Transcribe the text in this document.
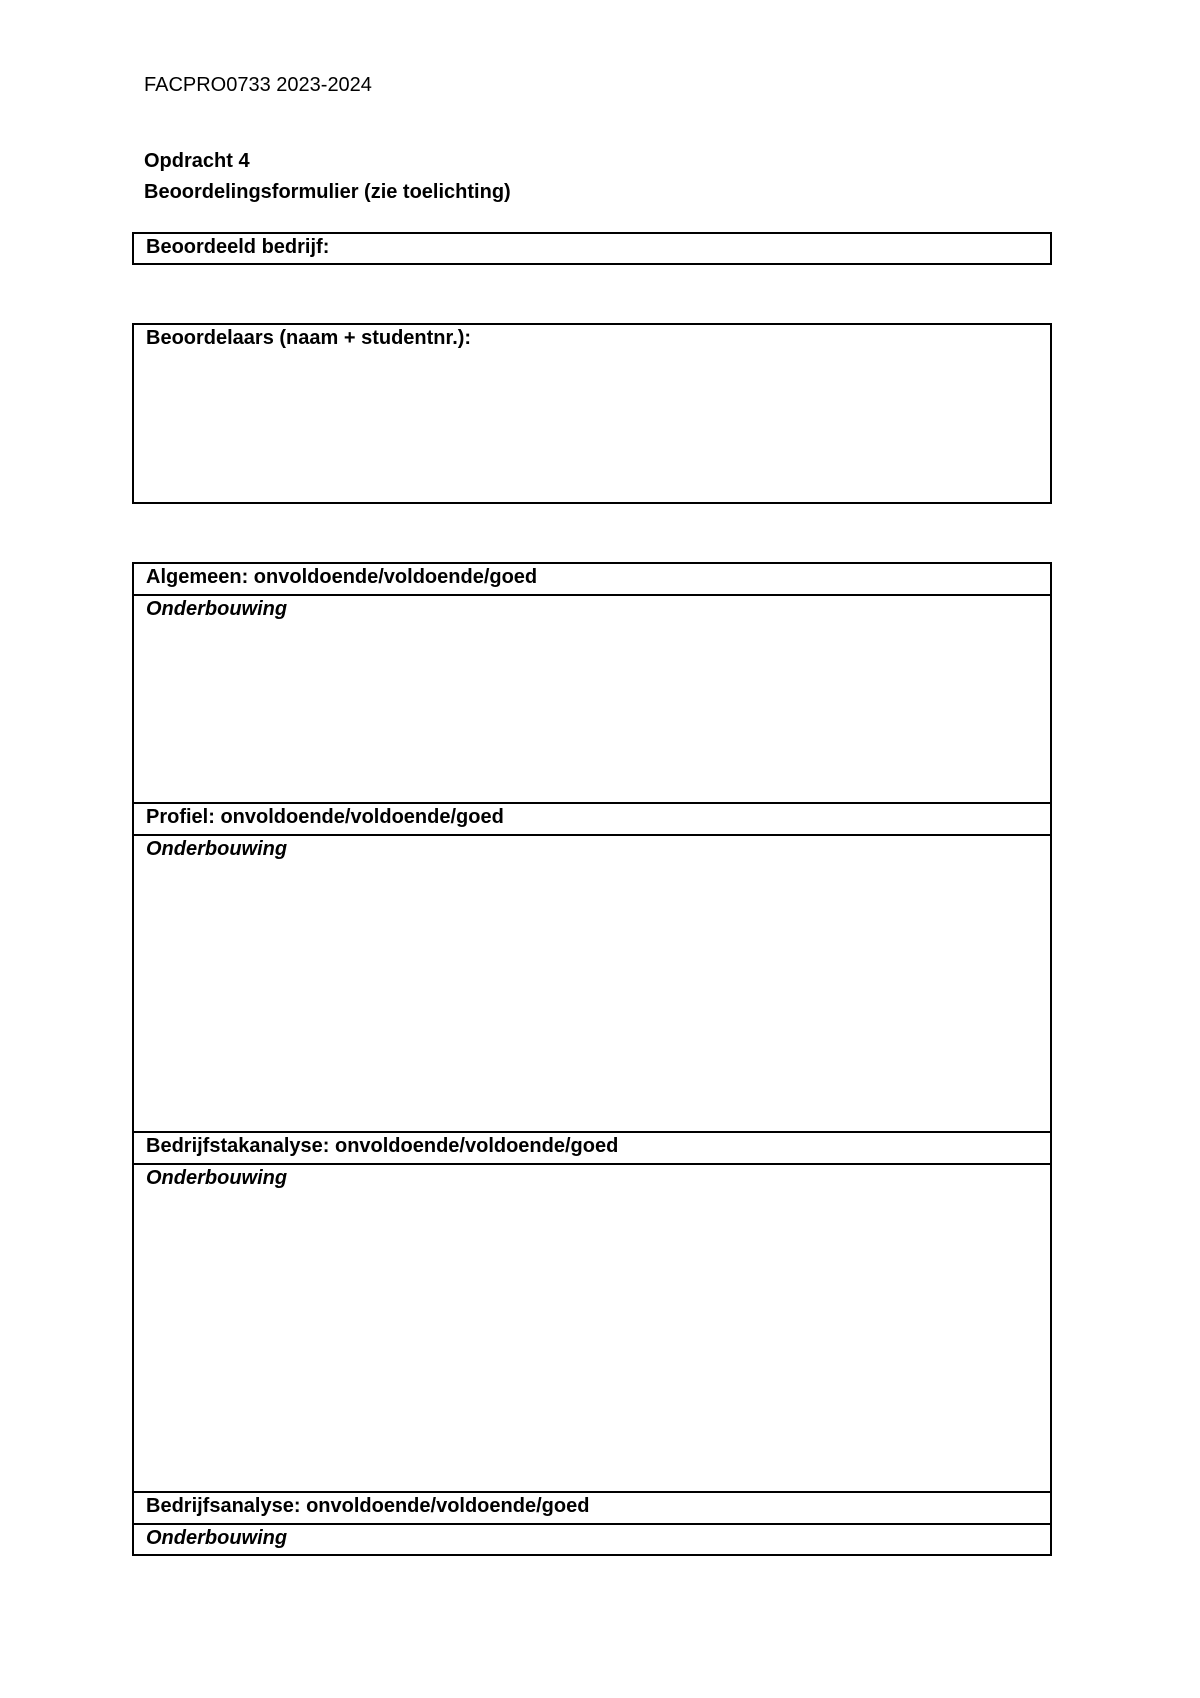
FACPRO0733 2023-2024
Opdracht 4
Beoordelingsformulier (zie toelichting)
Beoordeeld bedrijf:
Beoordelaars (naam + studentnr.):
Algemeen: onvoldoende/voldoende/goed
Onderbouwing
Profiel: onvoldoende/voldoende/goed
Onderbouwing
Bedrijfstakanalyse: onvoldoende/voldoende/goed
Onderbouwing
Bedrijfsanalyse: onvoldoende/voldoende/goed
Onderbouwing
